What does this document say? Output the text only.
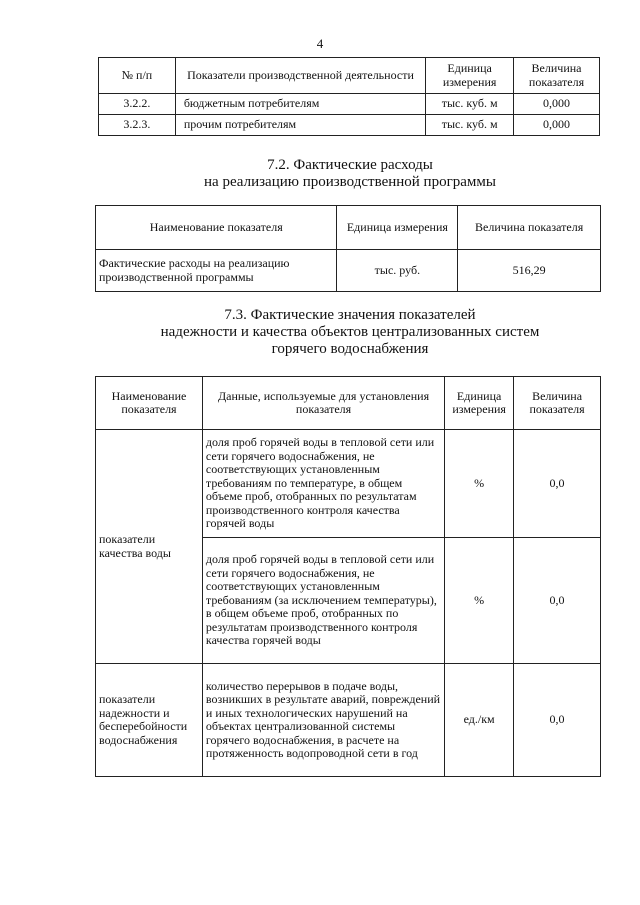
4
№ п/п	Показатели производственной деятельности	Единица измерения	Величина показателя
3.2.2.	бюджетным потребителям	тыс. куб. м	0,000
3.2.3.	прочим потребителям	тыс. куб. м	0,000
7.2. Фактические расходы
на реализацию производственной программы
Наименование показателя	Единица измерения	Величина показателя
Фактические расходы на реализацию производственной программы	тыс. руб.	516,29
7.3. Фактические значения показателей
надежности и качества объектов централизованных систем
горячего водоснабжения
Наименование показателя	Данные, используемые для установления показателя	Единица измерения	Величина показателя
показатели качества воды	доля проб горячей воды в тепловой сети или сети горячего водоснабжения, не соответствующих установленным требованиям по температуре, в общем объеме проб, отобранных по результатам производственного контроля качества горячей воды	%	0,0
	доля проб горячей воды в тепловой сети или сети горячего водоснабжения, не соответствующих установленным требованиям (за исключением температуры), в общем объеме проб, отобранных по результатам производственного контроля качества горячей воды	%	0,0
показатели надежности и бесперебойности водоснабжения	количество перерывов в подаче воды, возникших в результате аварий, повреждений и иных технологических нарушений на объектах централизованной системы горячего водоснабжения, в расчете на протяженность водопроводной сети в год	ед./км	0,0
